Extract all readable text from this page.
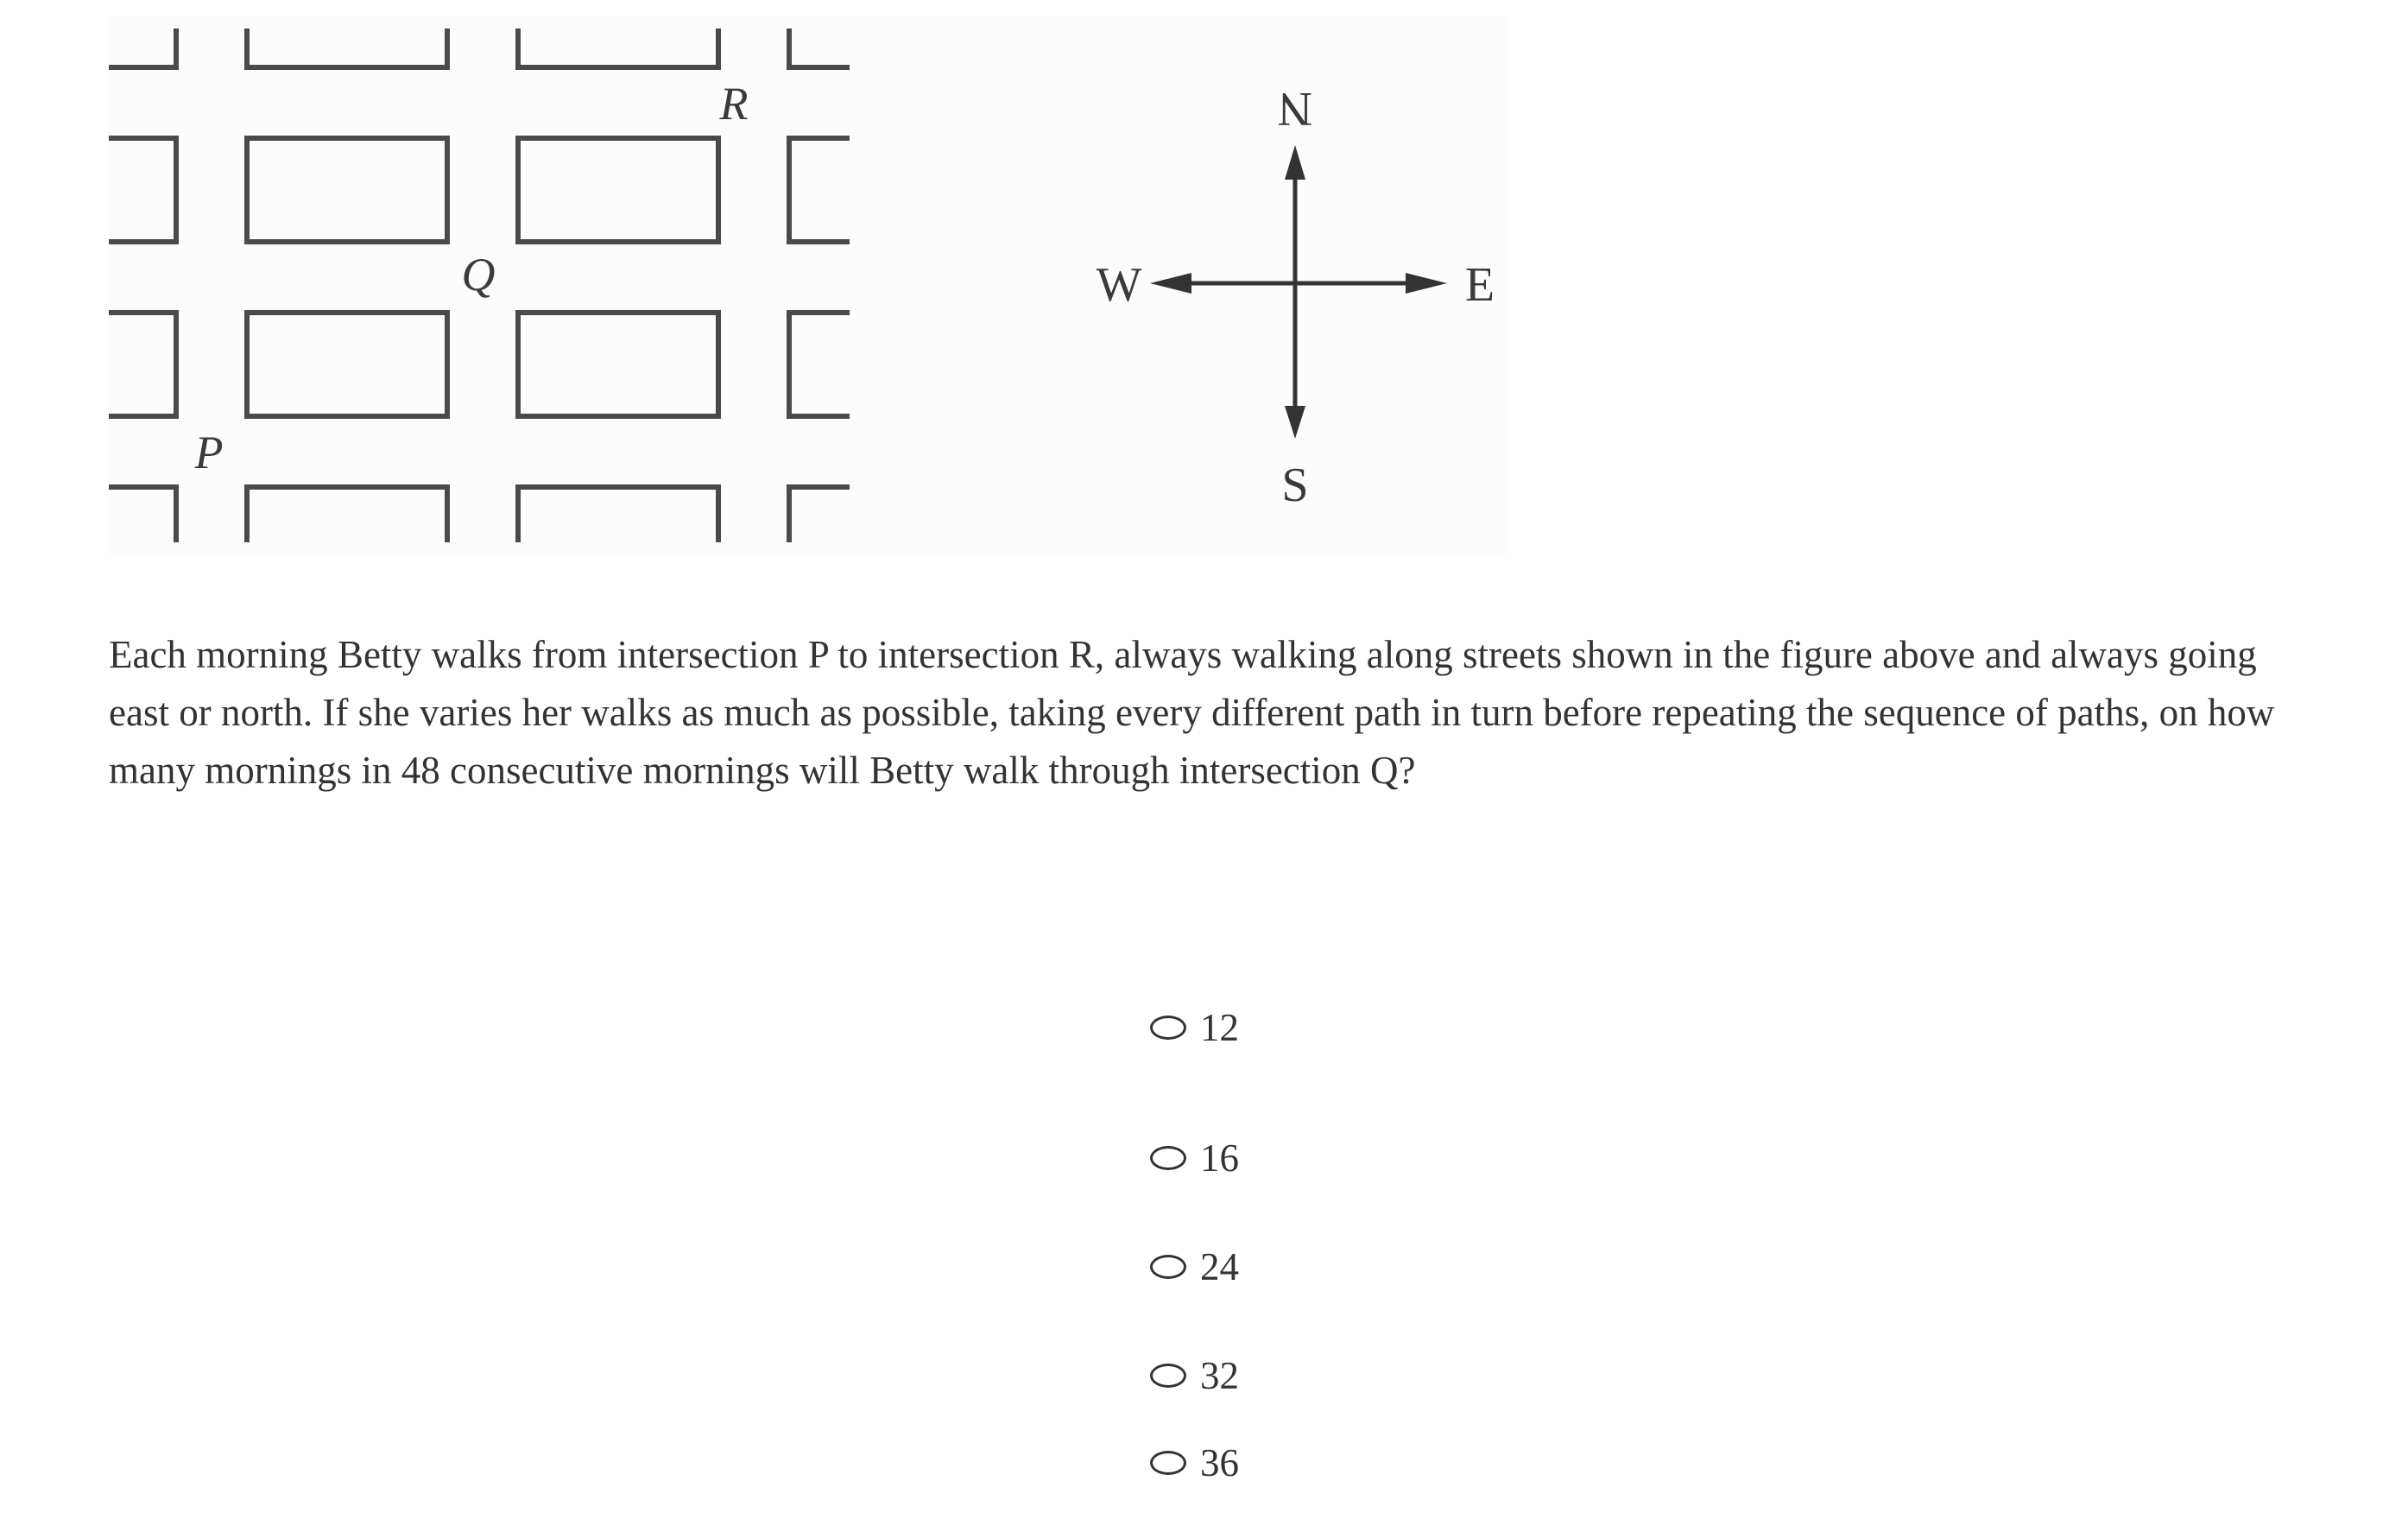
R
Q
P
N
S
W	E

Each morning Betty walks from intersection P to intersection R, always walking along streets shown in the figure above and always going east or north. If she varies her walks as much as possible, taking every different path in turn before repeating the sequence of paths, on how many mornings in 48 consecutive mornings will Betty walk through intersection Q?

12
16
24
32
36
